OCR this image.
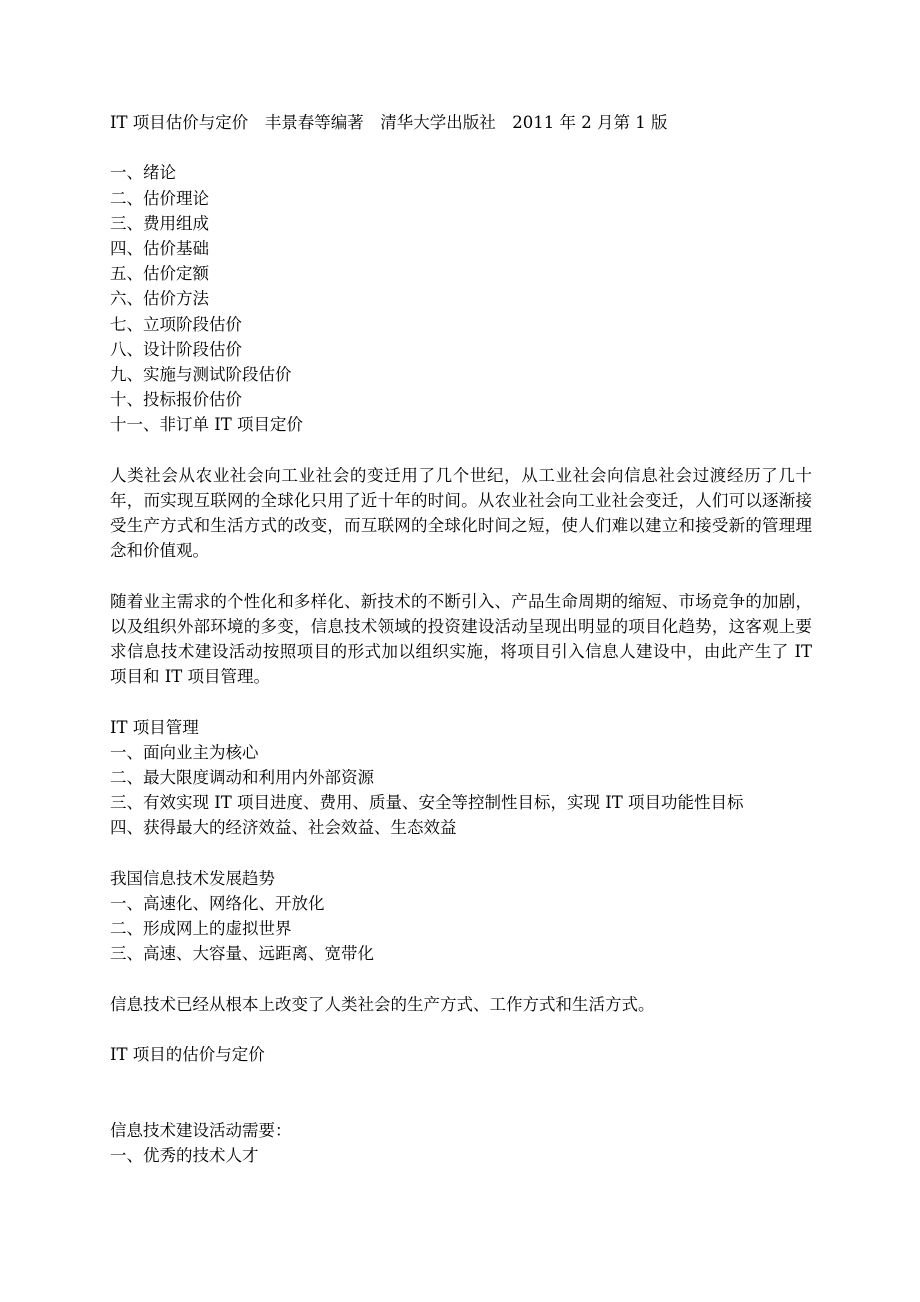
IT 项目估价与定价　丰景春等编著　清华大学出版社　2011 年 2 月第 1 版
一、绪论
二、估价理论
三、费用组成
四、估价基础
五、估价定额
六、估价方法
七、立项阶段估价
八、设计阶段估价
九、实施与测试阶段估价
十、投标报价估价
十一、非订单 IT 项目定价

人类社会从农业社会向工业社会的变迁用了几个世纪，从工业社会向信息社会过渡经历了几十年，而实现互联网的全球化只用了近十年的时间。从农业社会向工业社会变迁，人们可以逐渐接受生产方式和生活方式的改变，而互联网的全球化时间之短，使人们难以建立和接受新的管理理念和价值观。

随着业主需求的个性化和多样化、新技术的不断引入、产品生命周期的缩短、市场竞争的加剧，以及组织外部环境的多变，信息技术领域的投资建设活动呈现出明显的项目化趋势，这客观上要求信息技术建设活动按照项目的形式加以组织实施，将项目引入信息人建设中，由此产生了 IT 项目和 IT 项目管理。

IT 项目管理
一、面向业主为核心
二、最大限度调动和利用内外部资源
三、有效实现 IT 项目进度、费用、质量、安全等控制性目标，实现 IT 项目功能性目标
四、获得最大的经济效益、社会效益、生态效益
我国信息技术发展趋势
一、高速化、网络化、开放化
二、形成网上的虚拟世界
三、高速、大容量、远距离、宽带化
信息技术已经从根本上改变了人类社会的生产方式、工作方式和生活方式。
IT 项目的估价与定价
信息技术建设活动需要：
一、优秀的技术人才
